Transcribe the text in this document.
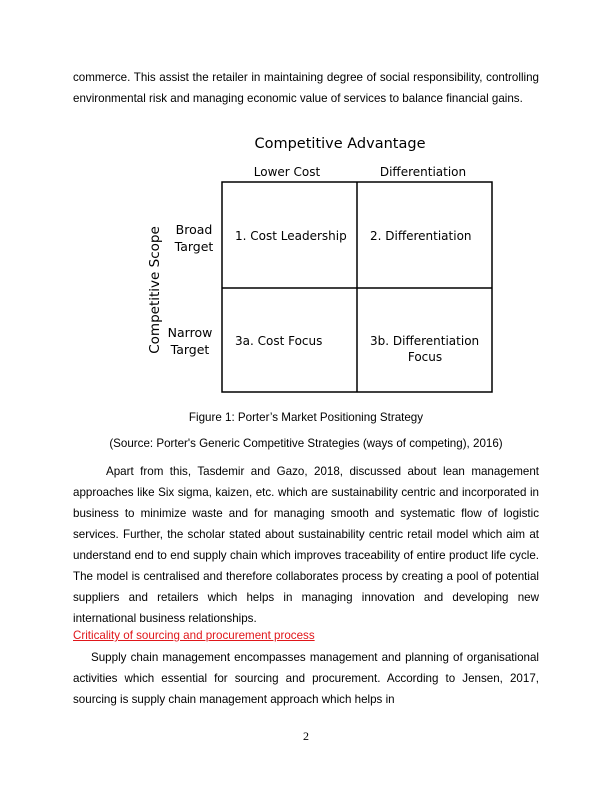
commerce. This assist the retailer in maintaining degree of social responsibility, controlling environmental risk and managing economic value of services to balance financial gains.

Competitive Advantage
Lower Cost	Differentiation
Competitive Scope Broad
Target
Narrow
Target
1. Cost Leadership 2. Differentiation
3a. Cost Focus	3b. Differentiation
Focus

Figure 1: Porter’s Market Positioning Strategy

(Source: Porter's Generic Competitive Strategies (ways of competing), 2016)

Apart from this, Tasdemir and Gazo, 2018, discussed about lean management approaches like Six sigma, kaizen, etc. which are sustainability centric and incorporated in business to minimize waste and for managing smooth and systematic flow of logistic services. Further, the scholar stated about sustainability centric retail model which aim at understand end to end supply chain which improves traceability of entire product life cycle. The model is centralised and therefore collaborates process by creating a pool of potential suppliers and retailers which helps in managing innovation and developing new international business relationships.

Criticality of sourcing and procurement process

Supply chain management encompasses management and planning of organisational activities which essential for sourcing and procurement. According to Jensen, 2017, sourcing is supply chain management approach which helps in

2
